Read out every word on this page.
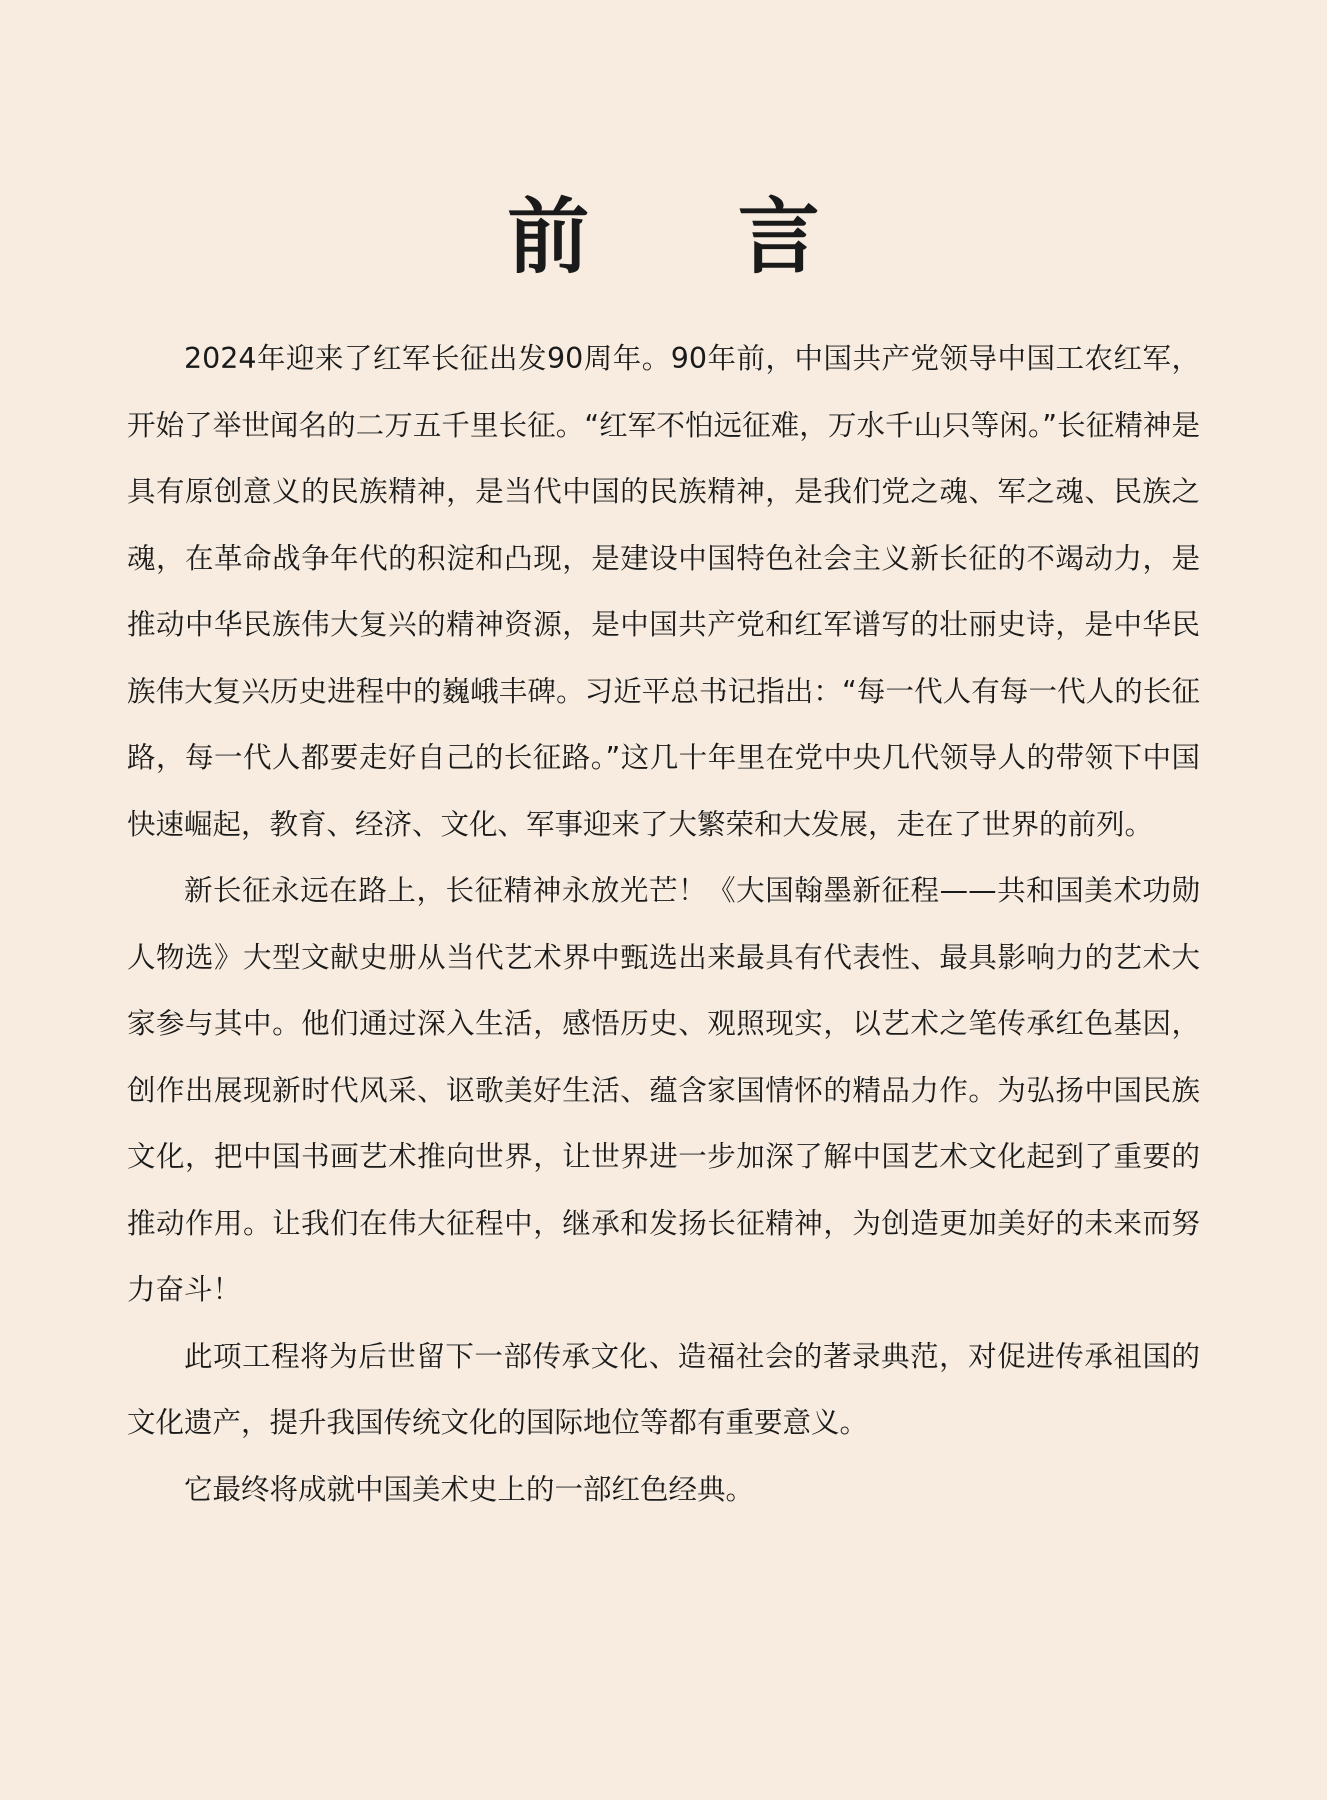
前 言

2024年迎来了红军长征出发90周年。90年前，中国共产党领导中国工农红军，开始了举世闻名的二万五千里长征。“红军不怕远征难，万水千山只等闲。”长征精神是具有原创意义的民族精神，是当代中国的民族精神，是我们党之魂、军之魂、民族之魂，在革命战争年代的积淀和凸现，是建设中国特色社会主义新长征的不竭动力，是推动中华民族伟大复兴的精神资源，是中国共产党和红军谱写的壮丽史诗，是中华民族伟大复兴历史进程中的巍峨丰碑。习近平总书记指出：“每一代人有每一代人的长征路，每一代人都要走好自己的长征路。”这几十年里在党中央几代领导人的带领下中国快速崛起，教育、经济、文化、军事迎来了大繁荣和大发展，走在了世界的前列。

新长征永远在路上，长征精神永放光芒！《大国翰墨新征程——共和国美术功勋人物选》大型文献史册从当代艺术界中甄选出来最具有代表性、最具影响力的艺术大家参与其中。他们通过深入生活，感悟历史、观照现实，以艺术之笔传承红色基因，创作出展现新时代风采、讴歌美好生活、蕴含家国情怀的精品力作。为弘扬中国民族文化，把中国书画艺术推向世界，让世界进一步加深了解中国艺术文化起到了重要的推动作用。让我们在伟大征程中，继承和发扬长征精神，为创造更加美好的未来而努力奋斗！

此项工程将为后世留下一部传承文化、造福社会的著录典范，对促进传承祖国的文化遗产，提升我国传统文化的国际地位等都有重要意义。

它最终将成就中国美术史上的一部红色经典。
